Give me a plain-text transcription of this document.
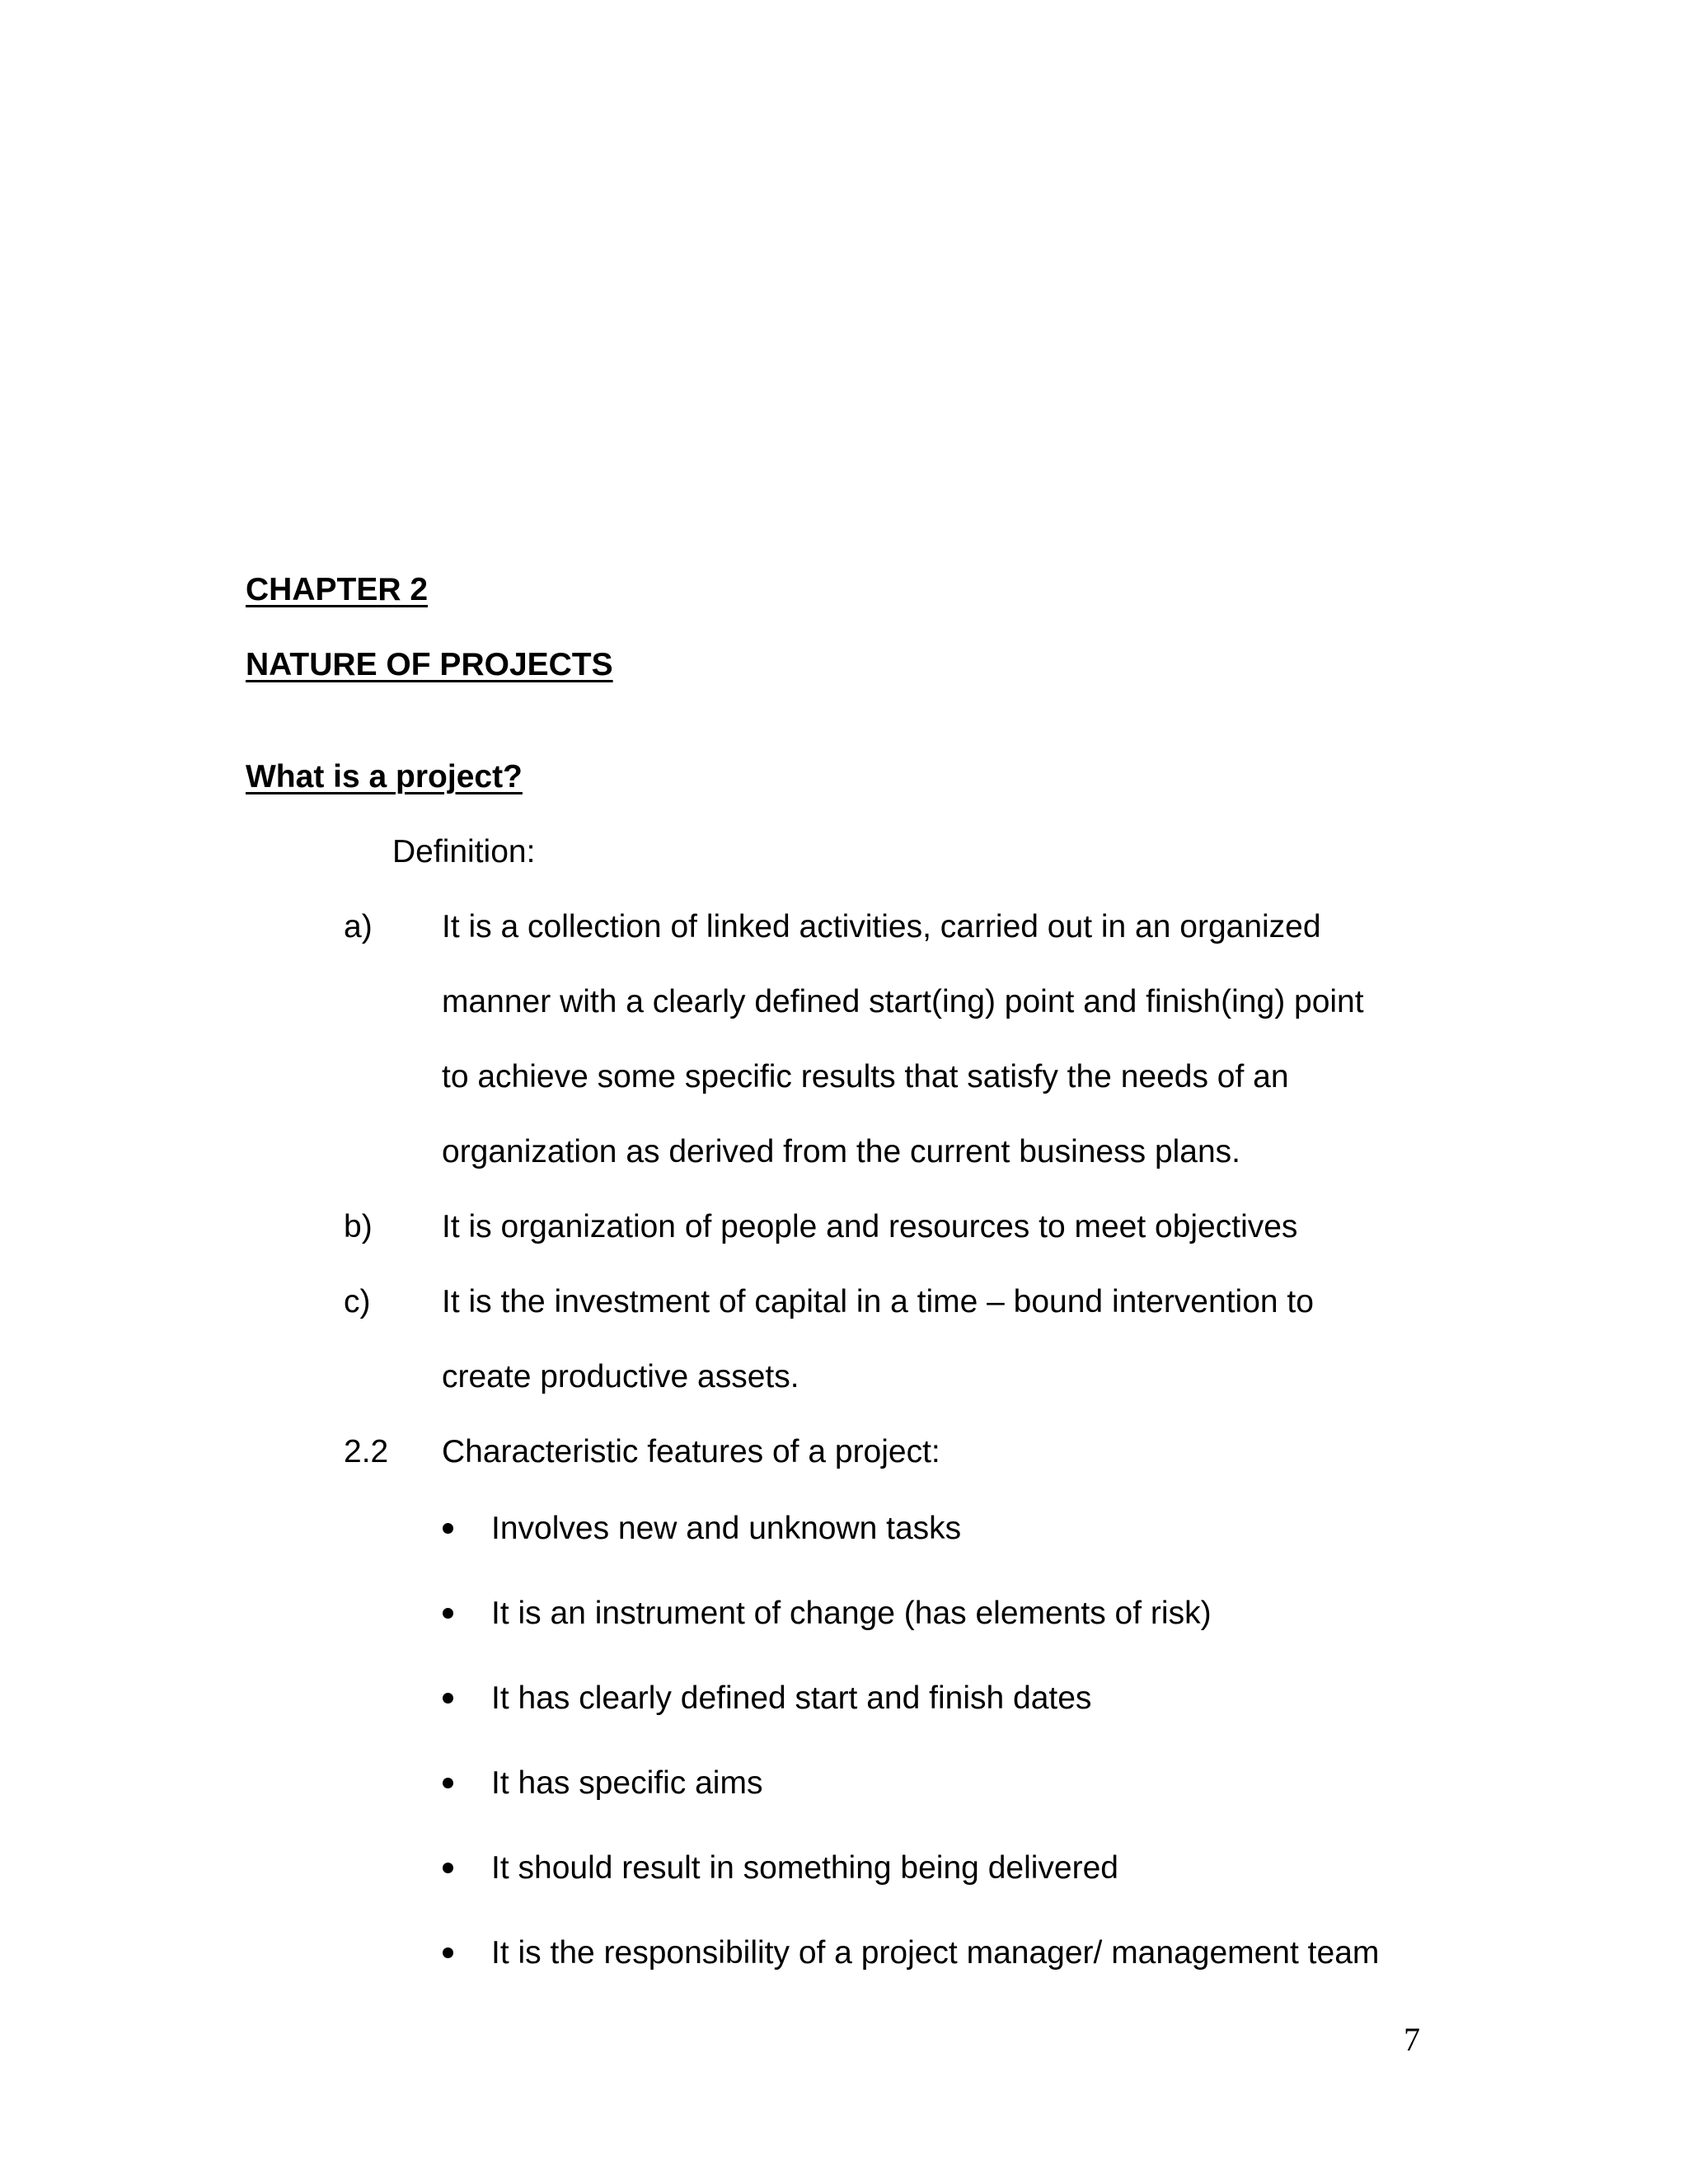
CHAPTER 2
NATURE OF PROJECTS
What is a project?
Definition:
a) It is a collection of linked activities, carried out in an organized
manner with a clearly defined start(ing) point and finish(ing) point
to achieve some specific results that satisfy the needs of an
organization as derived from the current business plans.
b) It is organization of people and resources to meet objectives
c) It is the investment of capital in a time – bound intervention to
create productive assets.
2.2 Characteristic features of a project:
Involves new and unknown tasks
It is an instrument of change (has elements of risk)
It has clearly defined start and finish dates
It has specific aims
It should result in something being delivered
It is the responsibility of a project manager/ management team
7
